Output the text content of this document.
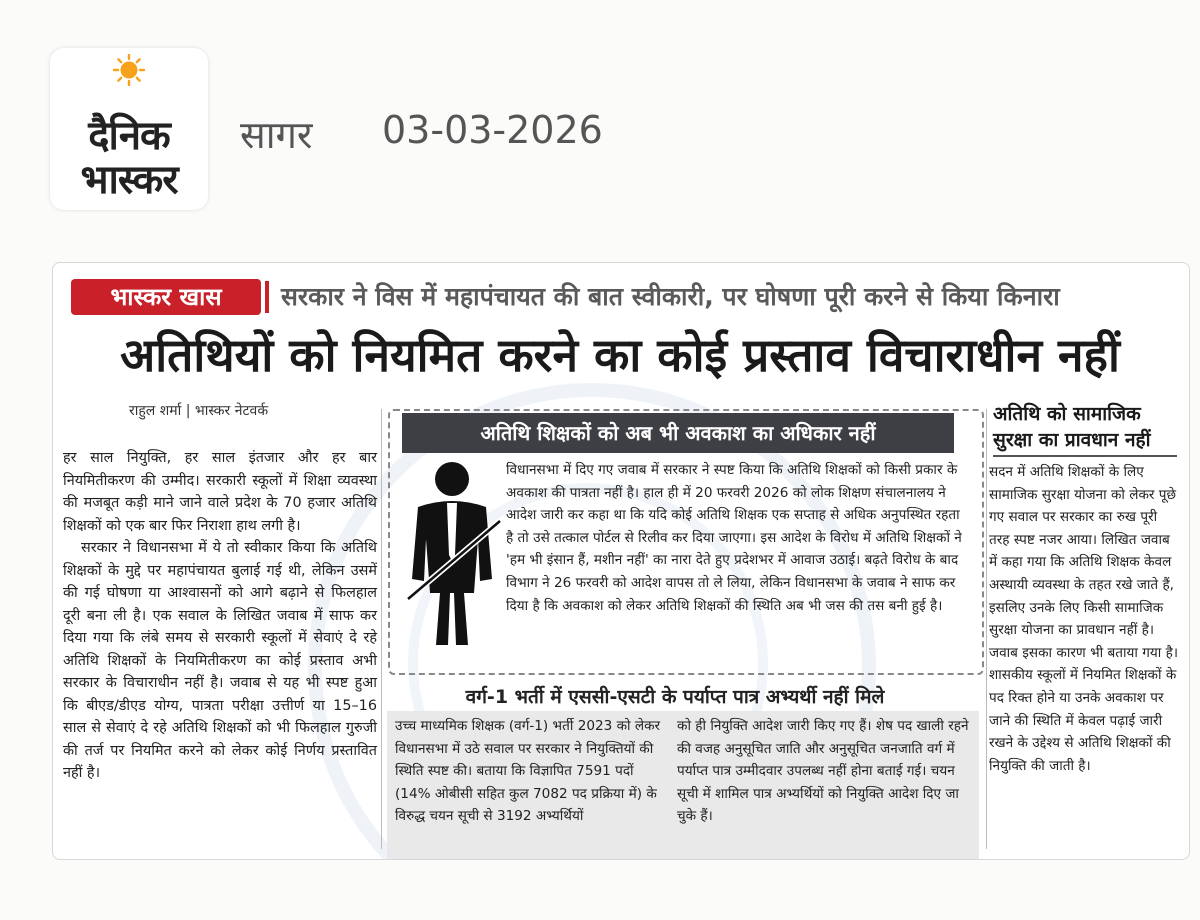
दैनिक
भास्कर
सागर 03-03-2026
भास्कर खास	सरकार ने विस में महापंचायत की बात स्वीकारी, पर घोषणा पूरी करने से किया किनारा
अतिथियों को नियमित करने का कोई प्रस्ताव विचाराधीन नहीं
राहुल शर्मा | भास्कर नेटवर्क

हर साल नियुक्ति, हर साल इंतजार और हर बार नियमितीकरण की उम्मीद। सरकारी स्कूलों में शिक्षा व्यवस्था की मजबूत कड़ी माने जाने वाले प्रदेश के 70 हजार अतिथि शिक्षकों को एक बार फिर निराशा हाथ लगी है।

सरकार ने विधानसभा में ये तो स्वीकार किया कि अतिथि शिक्षकों के मुद्दे पर महापंचायत बुलाई गई थी, लेकिन उसमें की गई घोषणा या आश्वासनों को आगे बढ़ाने से फिलहाल दूरी बना ली है। एक सवाल के लिखित जवाब में साफ कर दिया गया कि लंबे समय से सरकारी स्कूलों में सेवाएं दे रहे अतिथि शिक्षकों के नियमितीकरण का कोई प्रस्ताव अभी सरकार के विचाराधीन नहीं है। जवाब से यह भी स्पष्ट हुआ कि बीएड/डीएड योग्य, पात्रता परीक्षा उत्तीर्ण या 15–16 साल से सेवाएं दे रहे अतिथि शिक्षकों को भी फिलहाल गुरुजी की तर्ज पर नियमित करने को लेकर कोई निर्णय प्रस्तावित नहीं है।

अतिथि शिक्षकों को अब भी अवकाश का अधिकार नहीं
विधानसभा में दिए गए जवाब में सरकार ने स्पष्ट किया कि अतिथि शिक्षकों को किसी प्रकार के अवकाश की पात्रता नहीं है। हाल ही में 20 फरवरी 2026 को लोक शिक्षण संचालनालय ने आदेश जारी कर कहा था कि यदि कोई अतिथि शिक्षक एक सप्ताह से अधिक अनुपस्थित रहता है तो उसे तत्काल पोर्टल से रिलीव कर दिया जाएगा। इस आदेश के विरोध में अतिथि शिक्षकों ने 'हम भी इंसान हैं, मशीन नहीं' का नारा देते हुए प्रदेशभर में आवाज उठाई। बढ़ते विरोध के बाद विभाग ने 26 फरवरी को आदेश वापस तो ले लिया, लेकिन विधानसभा के जवाब ने साफ कर दिया है कि अवकाश को लेकर अतिथि शिक्षकों की स्थिति अब भी जस की तस बनी हुई है।
वर्ग-1 भर्ती में एससी-एसटी के पर्याप्त पात्र अभ्यर्थी नहीं मिले
उच्च माध्यमिक शिक्षक (वर्ग-1) भर्ती 2023 को लेकर विधानसभा में उठे सवाल पर सरकार ने नियुक्तियों की स्थिति स्पष्ट की। बताया कि विज्ञापित 7591 पदों (14% ओबीसी सहित कुल 7082 पद प्रक्रिया में) के विरुद्ध चयन सूची से 3192 अभ्यर्थियों
को ही नियुक्ति आदेश जारी किए गए हैं। शेष पद खाली रहने की वजह अनुसूचित जाति और अनुसूचित जनजाति वर्ग में पर्याप्त पात्र उम्मीदवार उपलब्ध नहीं होना बताई गई। चयन सूची में शामिल पात्र अभ्यर्थियों को नियुक्ति आदेश दिए जा चुके हैं।
अतिथि को सामाजिक सुरक्षा का प्रावधान नहीं

सदन में अतिथि शिक्षकों के लिए सामाजिक सुरक्षा योजना को लेकर पूछे गए सवाल पर सरकार का रुख पूरी तरह स्पष्ट नजर आया। लिखित जवाब में कहा गया कि अतिथि शिक्षक केवल अस्थायी व्यवस्था के तहत रखे जाते हैं, इसलिए उनके लिए किसी सामाजिक सुरक्षा योजना का प्रावधान नहीं है। जवाब इसका कारण भी बताया गया है।

शासकीय स्कूलों में नियमित शिक्षकों के पद रिक्त होने या उनके अवकाश पर जाने की स्थिति में केवल पढ़ाई जारी रखने के उद्देश्य से अतिथि शिक्षकों की नियुक्ति की जाती है।
